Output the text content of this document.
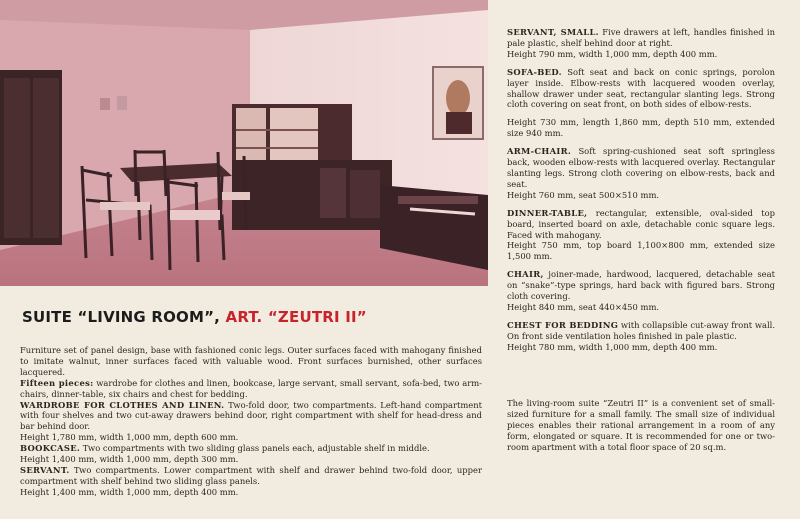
SUITE “LIVING ROOM”, ART. “ZEUTRI II”

Furniture set of panel design, base with fashioned conic legs. Outer surfaces faced with mahogany finished to imitate walnut, inner surfaces faced with valuable wood. Front surfaces burnished, other surfaces lacquered.

Fifteen pieces: wardrobe for clothes and linen, bookcase, large servant, small servant, sofa-bed, two arm-chairs, dinner-table, six chairs and chest for bedding.

WARDROBE FOR CLOTHES AND LINEN. Two-fold door, two compartments. Left-hand compartment with four shelves and two cut-away drawers behind door, right compartment with shelf for head-dress and bar behind door.

Height 1,780 mm, width 1,000 mm, depth 600 mm.

BOOKCASE. Two compartments with two sliding glass panels each, adjustable shelf in middle.

Height 1,400 mm, width 1,000 mm, depth 300 mm.

SERVANT. Two compartments. Lower compartment with shelf and drawer behind two-fold door, upper compartment with shelf behind two sliding glass panels.

Height 1,400 mm, width 1,000 mm, depth 400 mm.

SERVANT, SMALL. Five drawers at left, handles finished in pale plastic, shelf behind door at right.

Height 790 mm, width 1,000 mm, depth 400 mm.

SOFA-BED. Soft seat and back on conic springs, porolon layer inside. Elbow-rests with lacquered wooden overlay, shallow drawer under seat, rectangular slanting legs. Strong cloth covering on seat front, on both sides of elbow-rests.

Height 730 mm, length 1,860 mm, depth 510 mm, extended size 940 mm.

ARM-CHAIR. Soft spring-cushioned seat soft springless back, wooden elbow-rests with lacquered overlay. Rectangular slanting legs. Strong cloth covering on elbow-rests, back and seat.

Height 760 mm, seat 500×510 mm.

DINNER-TABLE, rectangular, extensible, oval-sided top board, inserted board on axle, detachable conic square legs. Faced with mahogany.

Height 750 mm, top board 1,100×800 mm, extended size 1,500 mm.

CHAIR, joiner-made, hardwood, lacquered, detachable seat on “snake”-type springs, hard back with figured bars. Strong cloth covering.

Height 840 mm, seat 440×450 mm.

CHEST FOR BEDDING with collapsible cut-away front wall. On front side ventilation holes finished in pale plastic.

Height 780 mm, width 1,000 mm, depth 400 mm.

The living-room suite “Zeutri II” is a convenient set of small-sized furniture for a small family. The small size of individual pieces enables their rational arrangement in a room of any form, elongated or square. It is recommended for one or two-room apartment with a total floor space of 20 sq.m.
